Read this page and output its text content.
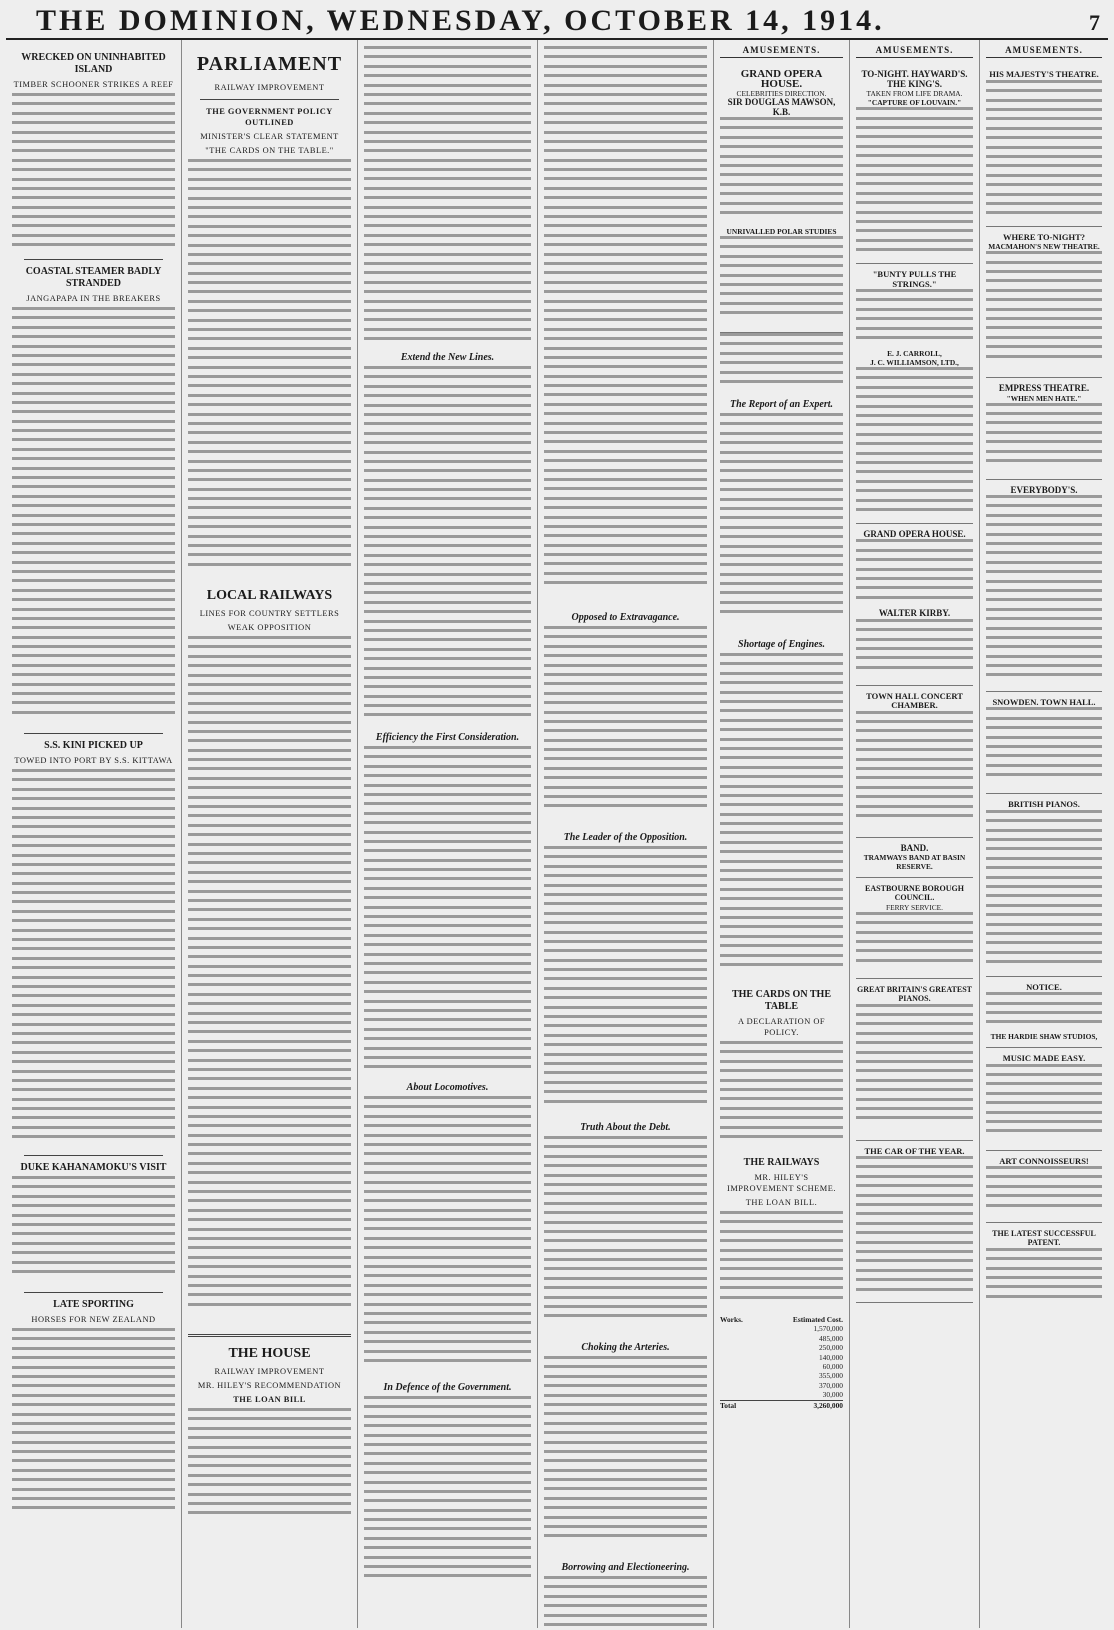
THE DOMINION, WEDNESDAY, OCTOBER 14, 1914.	7
WRECKED ON UNINHABITED ISLAND
TIMBER SCHOONER STRIKES A REEF
COASTAL STEAMER BADLY STRANDED
JANGAPAPA IN THE BREAKERS
S.S. KINI PICKED UP
TOWED INTO PORT BY S.S. KITTAWA
DUKE KAHANAMOKU'S VISIT
LATE SPORTING
HORSES FOR NEW ZEALAND
PARLIAMENT
RAILWAY IMPROVEMENT
THE GOVERNMENT POLICY OUTLINED
MINISTER'S CLEAR STATEMENT
"THE CARDS ON THE TABLE."
LOCAL RAILWAYS
LINES FOR COUNTRY SETTLERS
WEAK OPPOSITION
THE HOUSE
RAILWAY IMPROVEMENT
MR. HILEY'S RECOMMENDATION
THE LOAN BILL
Extend the New Lines.
Efficiency the First Consideration.
About Locomotives.
In Defence of the Government.
Opposed to Extravagance.
The Leader of the Opposition.
Truth About the Debt.
Choking the Arteries.
Borrowing and Electioneering.
AMUSEMENTS.
GRAND OPERA HOUSE.
CELEBRITIES DIRECTION.
SIR DOUGLAS MAWSON, K.B.
UNRIVALLED POLAR STUDIES
The Report of an Expert.
Shortage of Engines.
THE CARDS ON THE TABLE
A DECLARATION OF POLICY.
THE RAILWAYS
MR. HILEY'S IMPROVEMENT SCHEME.
THE LOAN BILL.
Works.	Estimated Cost.

1,570,000

485,000

250,000

140,000

60,000

355,000

370,000

30,000
Total	3,260,000
AMUSEMENTS.
TO-NIGHT. HAYWARD'S. THE KING'S.
TAKEN FROM LIFE DRAMA.
"CAPTURE OF LOUVAIN."
"BUNTY PULLS THE STRINGS."
E. J. CARROLL,
J. C. WILLIAMSON, LTD.,
GRAND OPERA HOUSE.
WALTER KIRBY.
TOWN HALL CONCERT CHAMBER.
BAND.
TRAMWAYS BAND AT BASIN RESERVE.
EASTBOURNE BOROUGH COUNCIL.
FERRY SERVICE.
GREAT BRITAIN'S GREATEST PIANOS.
THE CAR OF THE YEAR.
AMUSEMENTS.
HIS MAJESTY'S THEATRE.
WHERE TO-NIGHT?
MACMAHON'S NEW THEATRE.
EMPRESS THEATRE.
"WHEN MEN HATE."
EVERYBODY'S.
SNOWDEN. TOWN HALL.
BRITISH PIANOS.
NOTICE.
THE HARDIE SHAW STUDIOS,
MUSIC MADE EASY.
ART CONNOISSEURS!
THE LATEST SUCCESSFUL PATENT.
